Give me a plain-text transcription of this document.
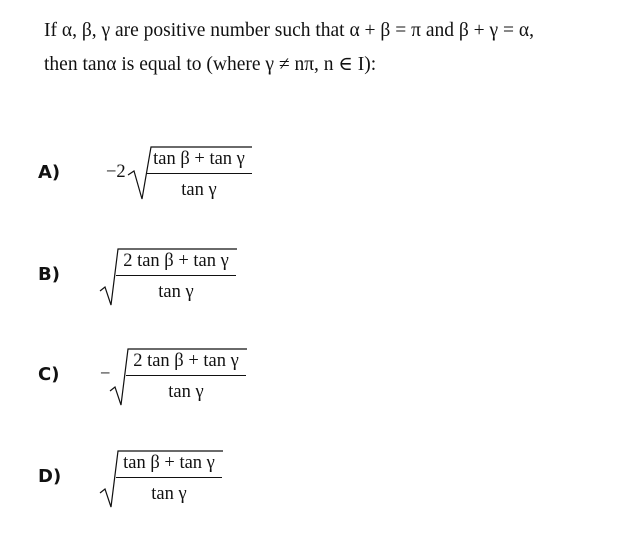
If α, β, γ are positive number such that α + β = π and β + γ = α,

then tanα is equal to (where γ ≠ nπ, n ∈ I):

A) −2
tan β + tan γ
tan γ
B)
2 tan β + tan γ
tan γ
C) −
2 tan β + tan γ
tan γ
D)
tan β + tan γ
tan γ
